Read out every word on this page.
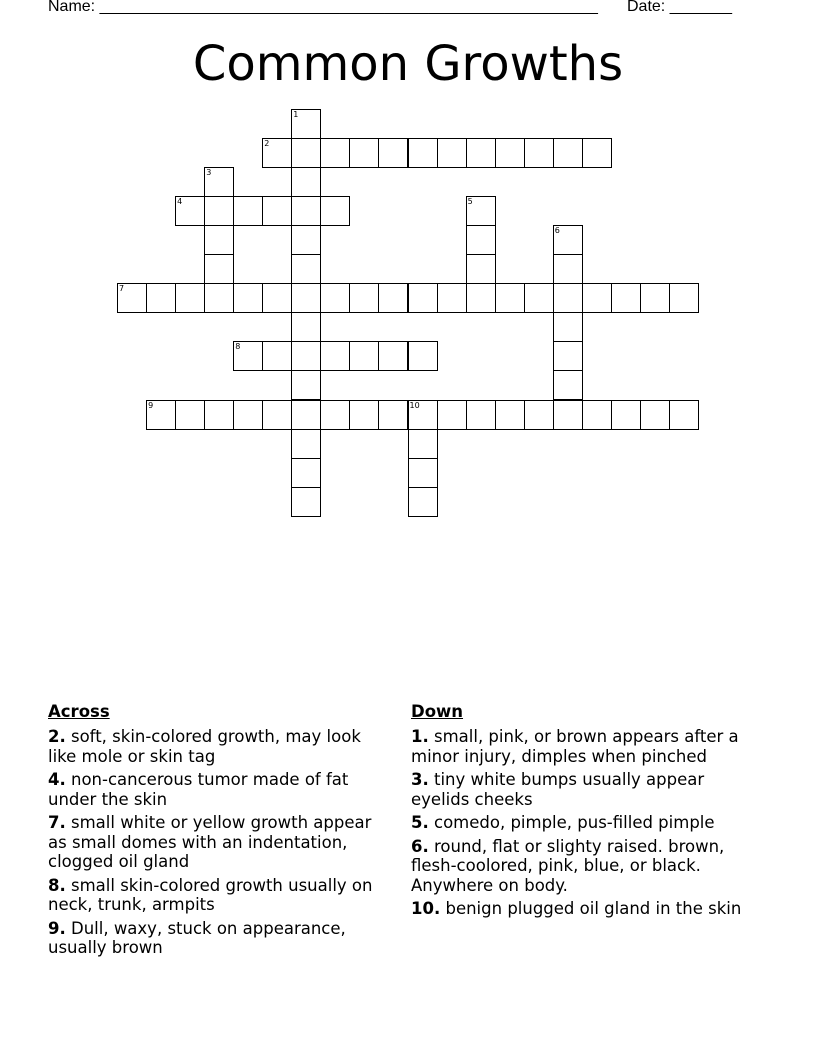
Name: ________________________________________________________ Date: _______
Common Growths
1
2
3
4	5
6
7
8
9	10
Across
2. soft, skin-colored growth, may look like mole or skin tag
4. non-cancerous tumor made of fat under the skin
7. small white or yellow growth appear as small domes with an indentation, clogged oil gland
8. small skin-colored growth usually on neck, trunk, armpits
9. Dull, waxy, stuck on appearance, usually brown
Down
1. small, pink, or brown appears after a minor injury, dimples when pinched
3. tiny white bumps usually appear eyelids cheeks
5. comedo, pimple, pus-filled pimple
6. round, flat or slighty raised. brown, flesh-coolored, pink, blue, or black. Anywhere on body.
10. benign plugged oil gland in the skin
